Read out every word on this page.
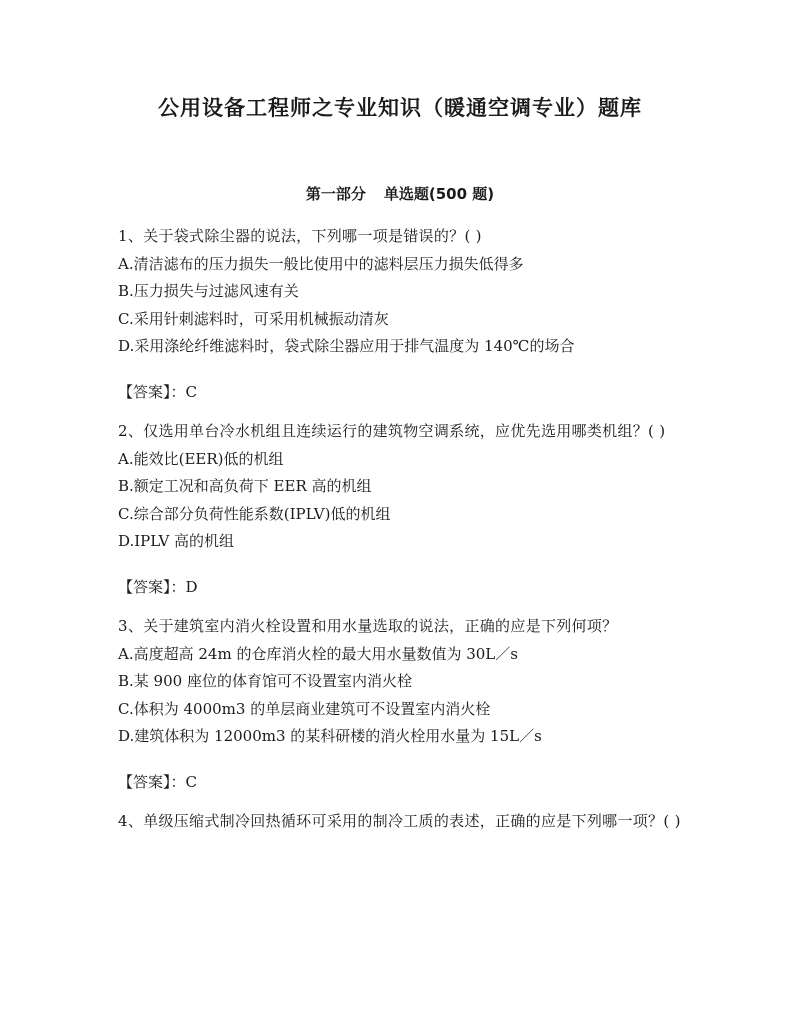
公用设备工程师之专业知识（暖通空调专业）题库
第一部分 单选题(500 题)
1、关于袋式除尘器的说法，下列哪一项是错误的？( )
A.清洁滤布的压力损失一般比使用中的滤料层压力损失低得多
B.压力损失与过滤风速有关
C.采用针刺滤料时，可采用机械振动清灰
D.采用涤纶纤维滤料时，袋式除尘器应用于排气温度为 140℃的场合
【答案】：C
2、仅选用单台冷水机组且连续运行的建筑物空调系统，应优先选用哪类机组？( )
A.能效比(EER)低的机组
B.额定工况和高负荷下 EER 高的机组
C.综合部分负荷性能系数(IPLV)低的机组
D.IPLV 高的机组
【答案】：D
3、关于建筑室内消火栓设置和用水量选取的说法，正确的应是下列何项？
A.高度超高 24m 的仓库消火栓的最大用水量数值为 30L／s
B.某 900 座位的体育馆可不设置室内消火栓
C.体积为 4000m3 的单层商业建筑可不设置室内消火栓
D.建筑体积为 12000m3 的某科研楼的消火栓用水量为 15L／s
【答案】：C
4、单级压缩式制冷回热循环可采用的制冷工质的表述，正确的应是下列哪一项？( )
